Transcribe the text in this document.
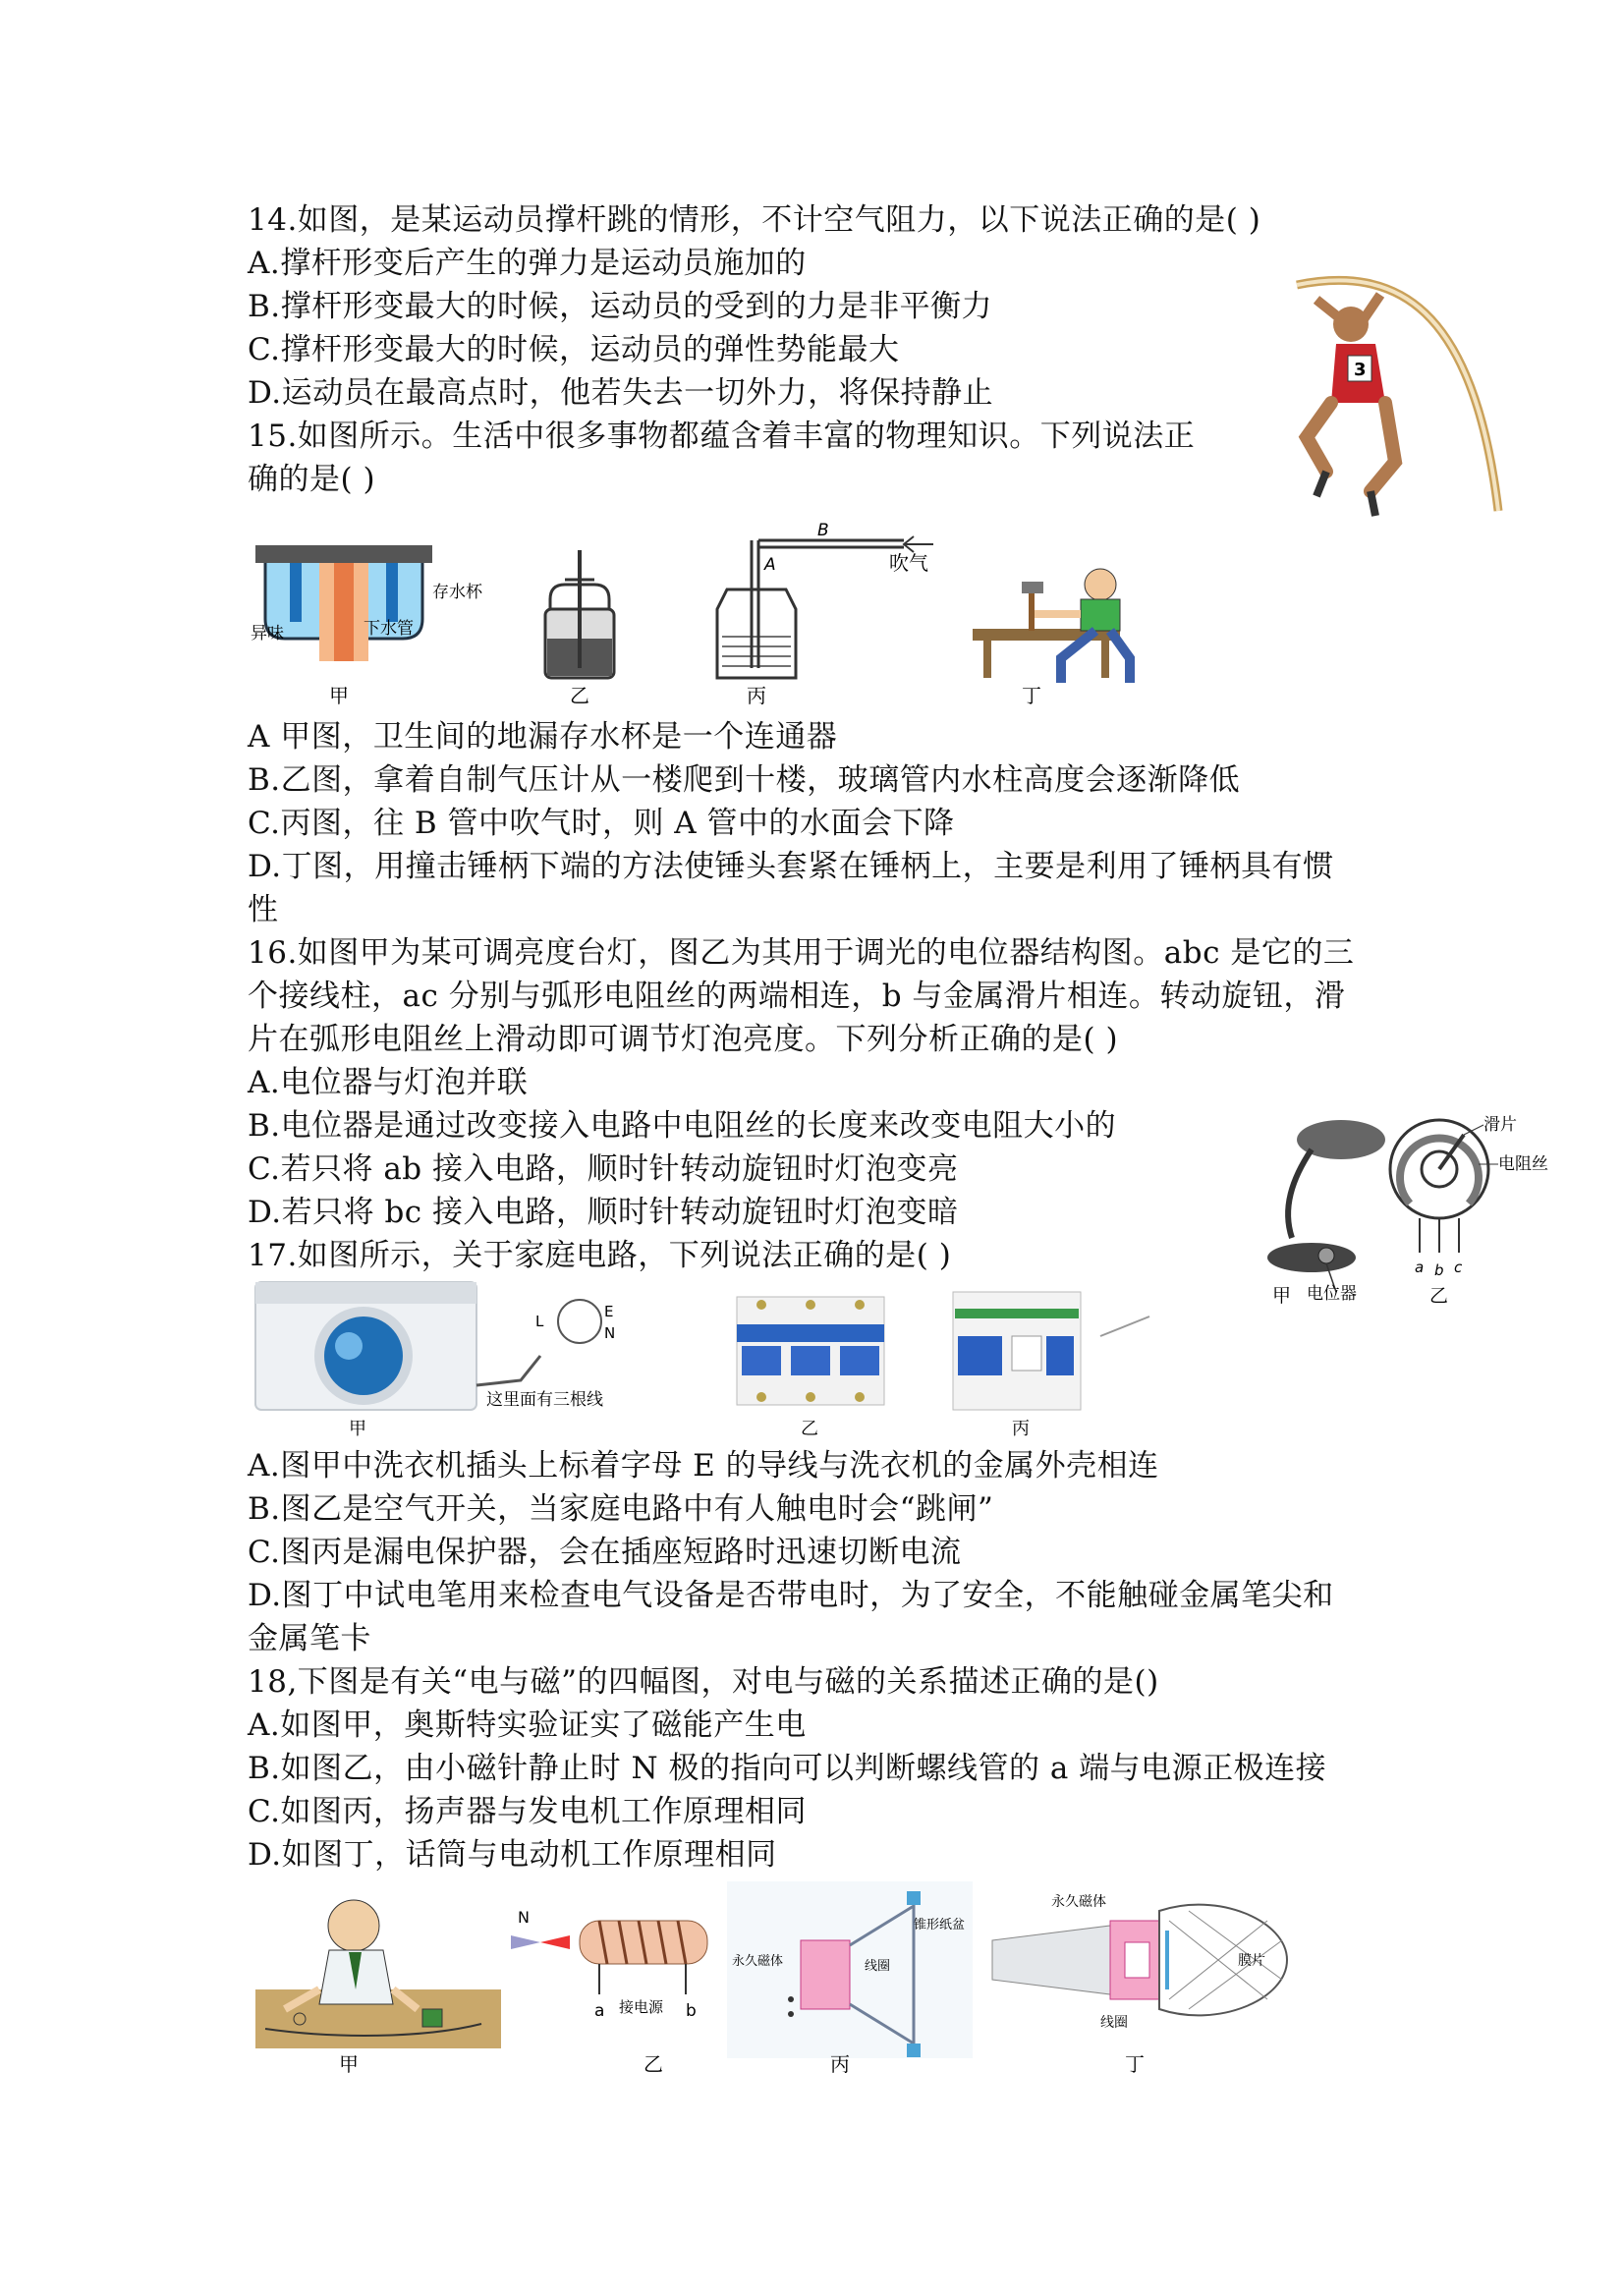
14.如图，是某运动员撑杆跳的情形，不计空气阻力，以下说法正确的是( )
A.撑杆形变后产生的弹力是运动员施加的
B.撑杆形变最大的时候，运动员的受到的力是非平衡力
C.撑杆形变最大的时候，运动员的弹性势能最大
D.运动员在最高点时，他若失去一切外力，将保持静止
3
15.如图所示。生活中很多事物都蕴含着丰富的物理知识。下列说法正
确的是( )
存水杯
异味	下水管
B
A	吹气
甲	乙	丙	丁
A 甲图，卫生间的地漏存水杯是一个连通器
B.乙图，拿着自制气压计从一楼爬到十楼，玻璃管内水柱高度会逐渐降低
C.丙图，往 B 管中吹气时，则 A 管中的水面会下降
D.丁图，用撞击锤柄下端的方法使锤头套紧在锤柄上，主要是利用了锤柄具有惯
性
16.如图甲为某可调亮度台灯，图乙为其用于调光的电位器结构图。abc 是它的三
个接线柱，ac 分别与弧形电阻丝的两端相连，b 与金属滑片相连。转动旋钮，滑
片在弧形电阻丝上滑动即可调节灯泡亮度。下列分析正确的是( )
A.电位器与灯泡并联
B.电位器是通过改变接入电路中电阻丝的长度来改变电阻大小的
C.若只将 ab 接入电路，顺时针转动旋钮时灯泡变亮
D.若只将 bc 接入电路，顺时针转动旋钮时灯泡变暗
电位器
a b c
滑片
电阻丝
甲	乙
17.如图所示，关于家庭电路，下列说法正确的是( )
L
E
N
这里面有三根线
甲	乙	丙
A.图甲中洗衣机插头上标着字母 E 的导线与洗衣机的金属外壳相连
B.图乙是空气开关，当家庭电路中有人触电时会“跳闸”
C.图丙是漏电保护器，会在插座短路时迅速切断电流
D.图丁中试电笔用来检查电气设备是否带电时，为了安全，不能触碰金属笔尖和
金属笔卡
18,下图是有关“电与磁”的四幅图，对电与磁的关系描述正确的是()
A.如图甲，奥斯特实验证实了磁能产生电
B.如图乙，由小磁针静止时 N 极的指向可以判断螺线管的 a 端与电源正极连接
C.如图丙，扬声器与发电机工作原理相同
D.如图丁，话筒与电动机工作原理相同
N
a 接电源 b
锥形纸盆
永久磁体	线圈
永久磁体
膜片
线圈
甲	乙	丙	丁
